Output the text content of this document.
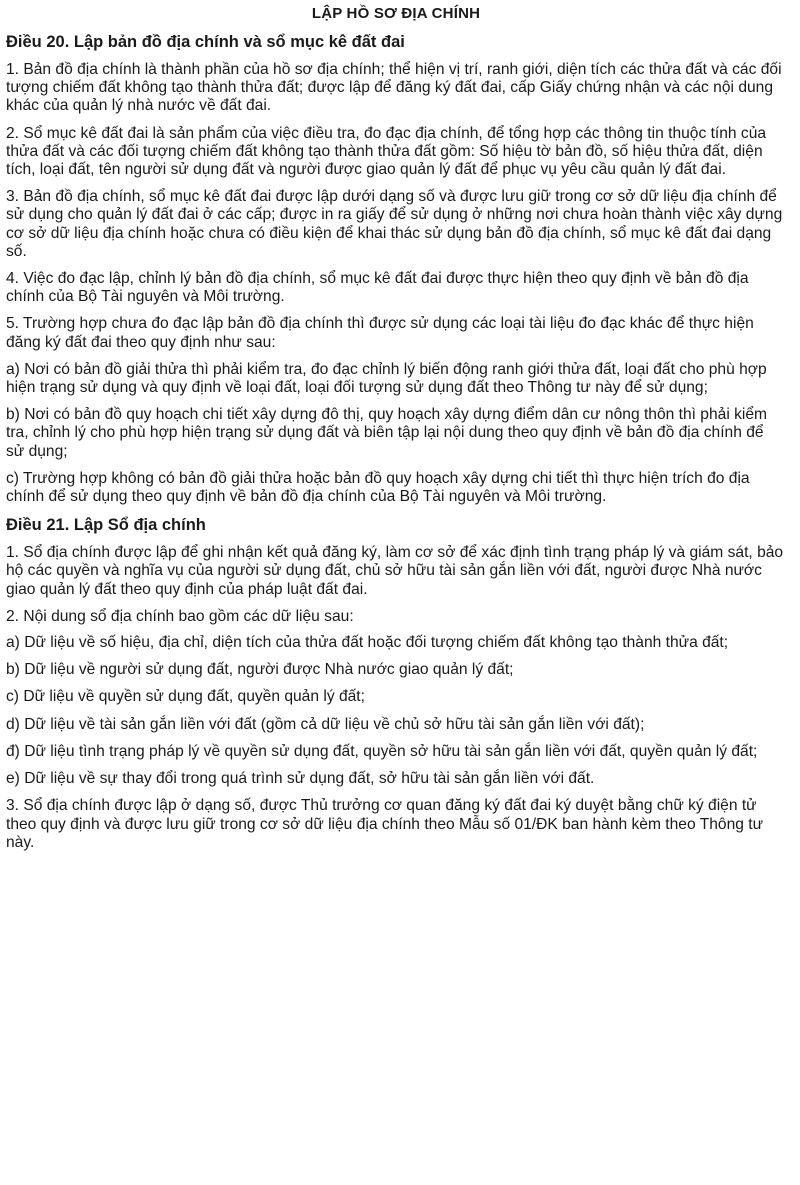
LẬP HỒ SƠ ĐỊA CHÍNH
Điều 20. Lập bản đồ địa chính và sổ mục kê đất đai

1. Bản đồ địa chính là thành phần của hồ sơ địa chính; thể hiện vị trí, ranh giới, diện tích các thửa đất và các đối tượng chiếm đất không tạo thành thửa đất; được lập để đăng ký đất đai, cấp Giấy chứng nhận và các nội dung khác của quản lý nhà nước về đất đai.

2. Sổ mục kê đất đai là sản phẩm của việc điều tra, đo đạc địa chính, để tổng hợp các thông tin thuộc tính của thửa đất và các đối tượng chiếm đất không tạo thành thửa đất gồm: Số hiệu tờ bản đồ, số hiệu thửa đất, diện tích, loại đất, tên người sử dụng đất và người được giao quản lý đất để phục vụ yêu cầu quản lý đất đai.

3. Bản đồ địa chính, sổ mục kê đất đai được lập dưới dạng số và được lưu giữ trong cơ sở dữ liệu địa chính để sử dụng cho quản lý đất đai ở các cấp; được in ra giấy để sử dụng ở những nơi chưa hoàn thành việc xây dựng cơ sở dữ liệu địa chính hoặc chưa có điều kiện để khai thác sử dụng bản đồ địa chính, sổ mục kê đất đai dạng số.

4. Việc đo đạc lập, chỉnh lý bản đồ địa chính, sổ mục kê đất đai được thực hiện theo quy định về bản đồ địa chính của Bộ Tài nguyên và Môi trường.

5. Trường hợp chưa đo đạc lập bản đồ địa chính thì được sử dụng các loại tài liệu đo đạc khác để thực hiện đăng ký đất đai theo quy định như sau:

a) Nơi có bản đồ giải thửa thì phải kiểm tra, đo đạc chỉnh lý biến động ranh giới thửa đất, loại đất cho phù hợp hiện trạng sử dụng và quy định về loại đất, loại đối tượng sử dụng đất theo Thông tư này để sử dụng;

b) Nơi có bản đồ quy hoạch chi tiết xây dựng đô thị, quy hoạch xây dựng điểm dân cư nông thôn thì phải kiểm tra, chỉnh lý cho phù hợp hiện trạng sử dụng đất và biên tập lại nội dung theo quy định về bản đồ địa chính để sử dụng;

c) Trường hợp không có bản đồ giải thửa hoặc bản đồ quy hoạch xây dựng chi tiết thì thực hiện trích đo địa chính để sử dụng theo quy định về bản đồ địa chính của Bộ Tài nguyên và Môi trường.

Điều 21. Lập Sổ địa chính

1. Sổ địa chính được lập để ghi nhận kết quả đăng ký, làm cơ sở để xác định tình trạng pháp lý và giám sát, bảo hộ các quyền và nghĩa vụ của người sử dụng đất, chủ sở hữu tài sản gắn liền với đất, người được Nhà nước giao quản lý đất theo quy định của pháp luật đất đai.

2. Nội dung sổ địa chính bao gồm các dữ liệu sau:

a) Dữ liệu về số hiệu, địa chỉ, diện tích của thửa đất hoặc đối tượng chiếm đất không tạo thành thửa đất;

b) Dữ liệu về người sử dụng đất, người được Nhà nước giao quản lý đất;

c) Dữ liệu về quyền sử dụng đất, quyền quản lý đất;

d) Dữ liệu về tài sản gắn liền với đất (gồm cả dữ liệu về chủ sở hữu tài sản gắn liền với đất);

đ) Dữ liệu tình trạng pháp lý về quyền sử dụng đất, quyền sở hữu tài sản gắn liền với đất, quyền quản lý đất;

e) Dữ liệu về sự thay đổi trong quá trình sử dụng đất, sở hữu tài sản gắn liền với đất.

3. Sổ địa chính được lập ở dạng số, được Thủ trưởng cơ quan đăng ký đất đai ký duyệt bằng chữ ký điện tử theo quy định và được lưu giữ trong cơ sở dữ liệu địa chính theo Mẫu số 01/ĐK ban hành kèm theo Thông tư này.
